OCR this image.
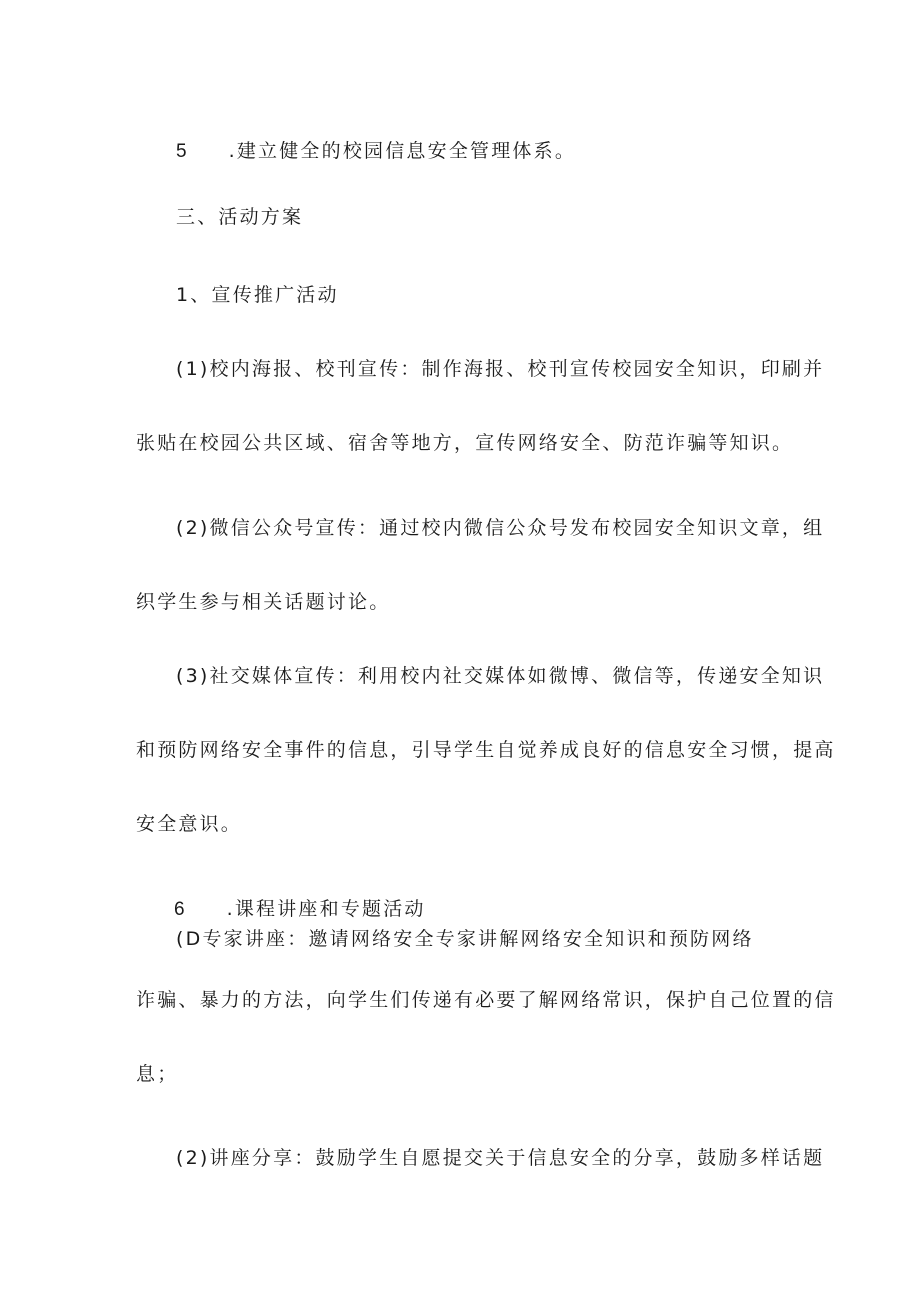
5 .建立健全的校园信息安全管理体系。
三、活动方案
1、宣传推广活动
(1)校内海报、校刊宣传：制作海报、校刊宣传校园安全知识，印刷并
张贴在校园公共区域、宿舍等地方，宣传网络安全、防范诈骗等知识。
(2)微信公众号宣传：通过校内微信公众号发布校园安全知识文章，组
织学生参与相关话题讨论。
(3)社交媒体宣传：利用校内社交媒体如微博、微信等，传递安全知识
和预防网络安全事件的信息，引导学生自觉养成良好的信息安全习惯，提高
安全意识。
6 .课程讲座和专题活动
(D专家讲座：邀请网络安全专家讲解网络安全知识和预防网络
诈骗、暴力的方法，向学生们传递有必要了解网络常识，保护自己位置的信
息；
(2)讲座分享：鼓励学生自愿提交关于信息安全的分享，鼓励多样话题
